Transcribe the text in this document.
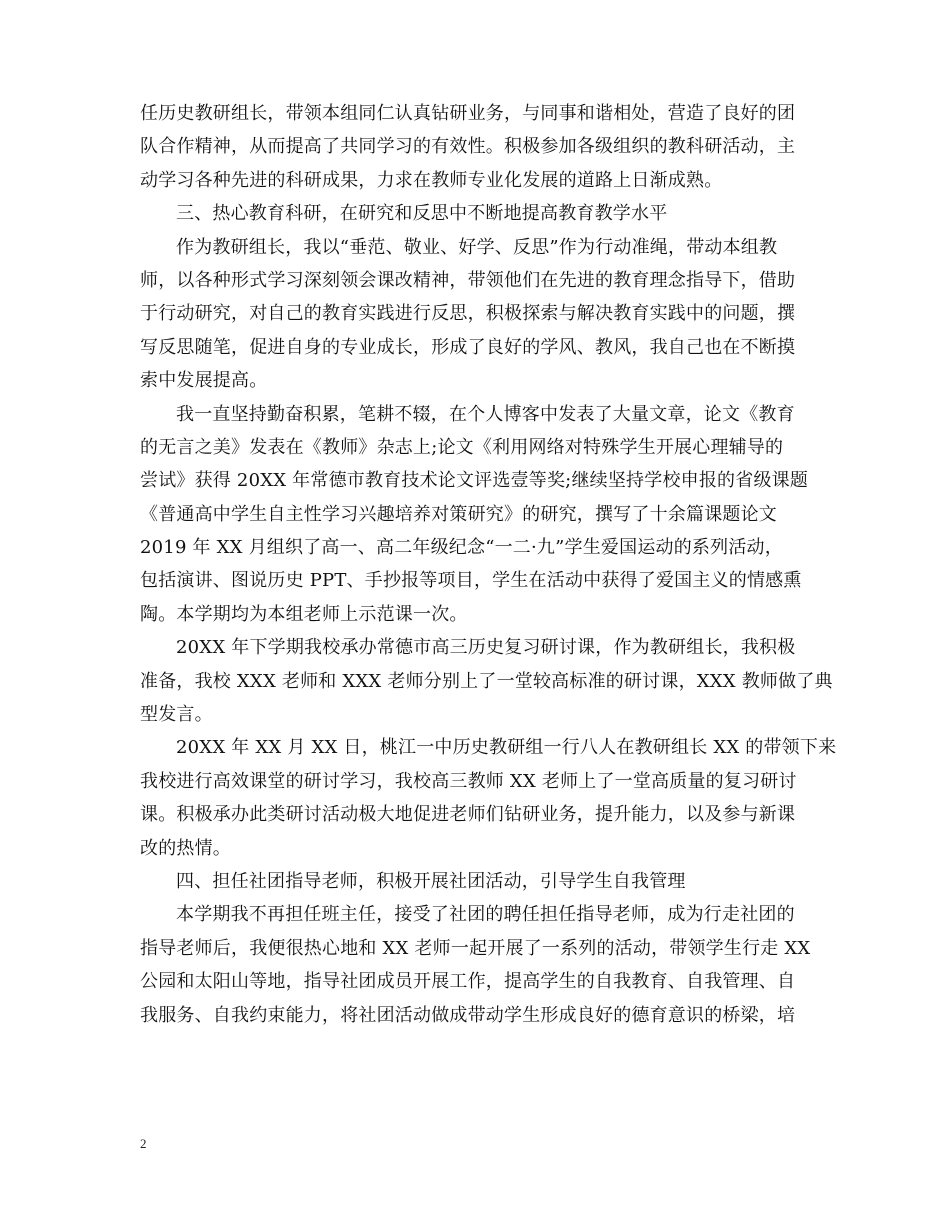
任历史教研组长，带领本组同仁认真钻研业务，与同事和谐相处，营造了良好的团
队合作精神，从而提高了共同学习的有效性。积极参加各级组织的教科研活动，主
动学习各种先进的科研成果，力求在教师专业化发展的道路上日渐成熟。
三、热心教育科研，在研究和反思中不断地提高教育教学水平
作为教研组长，我以“垂范、敬业、好学、反思”作为行动准绳，带动本组教
师，以各种形式学习深刻领会课改精神，带领他们在先进的教育理念指导下，借助
于行动研究，对自己的教育实践进行反思，积极探索与解决教育实践中的问题，撰
写反思随笔，促进自身的专业成长，形成了良好的学风、教风，我自己也在不断摸
索中发展提高。
我一直坚持勤奋积累，笔耕不辍，在个人博客中发表了大量文章，论文《教育
的无言之美》发表在《教师》杂志上;论文《利用网络对特殊学生开展心理辅导的
尝试》获得 20XX 年常德市教育技术论文评选壹等奖;继续坚持学校申报的省级课题
《普通高中学生自主性学习兴趣培养对策研究》的研究，撰写了十余篇课题论文
2019 年 XX 月组织了高一、高二年级纪念“一二·九”学生爱国运动的系列活动，
包括演讲、图说历史 PPT、手抄报等项目，学生在活动中获得了爱国主义的情感熏
陶。本学期均为本组老师上示范课一次。
20XX 年下学期我校承办常德市高三历史复习研讨课，作为教研组长，我积极
准备，我校 XXX 老师和 XXX 老师分别上了一堂较高标准的研讨课，XXX 教师做了典
型发言。
20XX 年 XX 月 XX 日，桃江一中历史教研组一行八人在教研组长 XX 的带领下来
我校进行高效课堂的研讨学习，我校高三教师 XX 老师上了一堂高质量的复习研讨
课。积极承办此类研讨活动极大地促进老师们钻研业务，提升能力，以及参与新课
改的热情。
四、担任社团指导老师，积极开展社团活动，引导学生自我管理
本学期我不再担任班主任，接受了社团的聘任担任指导老师，成为行走社团的
指导老师后，我便很热心地和 XX 老师一起开展了一系列的活动，带领学生行走 XX
公园和太阳山等地，指导社团成员开展工作，提高学生的自我教育、自我管理、自
我服务、自我约束能力，将社团活动做成带动学生形成良好的德育意识的桥梁，培
2
